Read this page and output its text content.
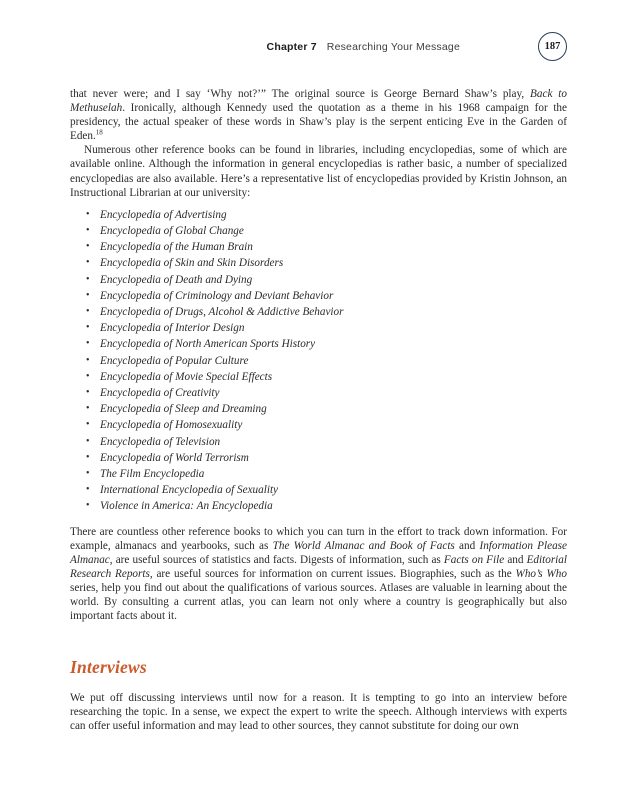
Chapter 7 Researching Your Message	187

that never were; and I say ‘Why not?’” The original source is George Bernard Shaw’s play, Back to Methuselah. Ironically, although Kennedy used the quotation as a theme in his 1968 campaign for the presidency, the actual speaker of these words in Shaw’s play is the serpent enticing Eve in the Garden of Eden.$^{18}$

Numerous other reference books can be found in libraries, including encyclopedias, some of which are available online. Although the information in general encyclopedias is rather basic, a number of specialized encyclopedias are also available. Here’s a representative list of encyclopedias provided by Kristin Johnson, an Instructional Librarian at our university:

• Encyclopedia of Advertising
• Encyclopedia of Global Change
• Encyclopedia of the Human Brain
• Encyclopedia of Skin and Skin Disorders
• Encyclopedia of Death and Dying
• Encyclopedia of Criminology and Deviant Behavior
• Encyclopedia of Drugs, Alcohol & Addictive Behavior
• Encyclopedia of Interior Design
• Encyclopedia of North American Sports History
• Encyclopedia of Popular Culture
• Encyclopedia of Movie Special Effects
• Encyclopedia of Creativity
• Encyclopedia of Sleep and Dreaming
• Encyclopedia of Homosexuality
• Encyclopedia of Television
• Encyclopedia of World Terrorism
• The Film Encyclopedia
• International Encyclopedia of Sexuality
• Violence in America: An Encyclopedia

There are countless other reference books to which you can turn in the effort to track down information. For example, almanacs and yearbooks, such as The World Almanac and Book of Facts and Information Please Almanac, are useful sources of statistics and facts. Digests of information, such as Facts on File and Editorial Research Reports, are useful sources for information on current issues. Biographies, such as the Who’s Who series, help you find out about the qualifications of various sources. Atlases are valuable in learning about the world. By consulting a current atlas, you can learn not only where a country is geographically but also important facts about it.

Interviews

We put off discussing interviews until now for a reason. It is tempting to go into an interview before researching the topic. In a sense, we expect the expert to write the speech. Although interviews with experts can offer useful information and may lead to other sources, they cannot substitute for doing our own
